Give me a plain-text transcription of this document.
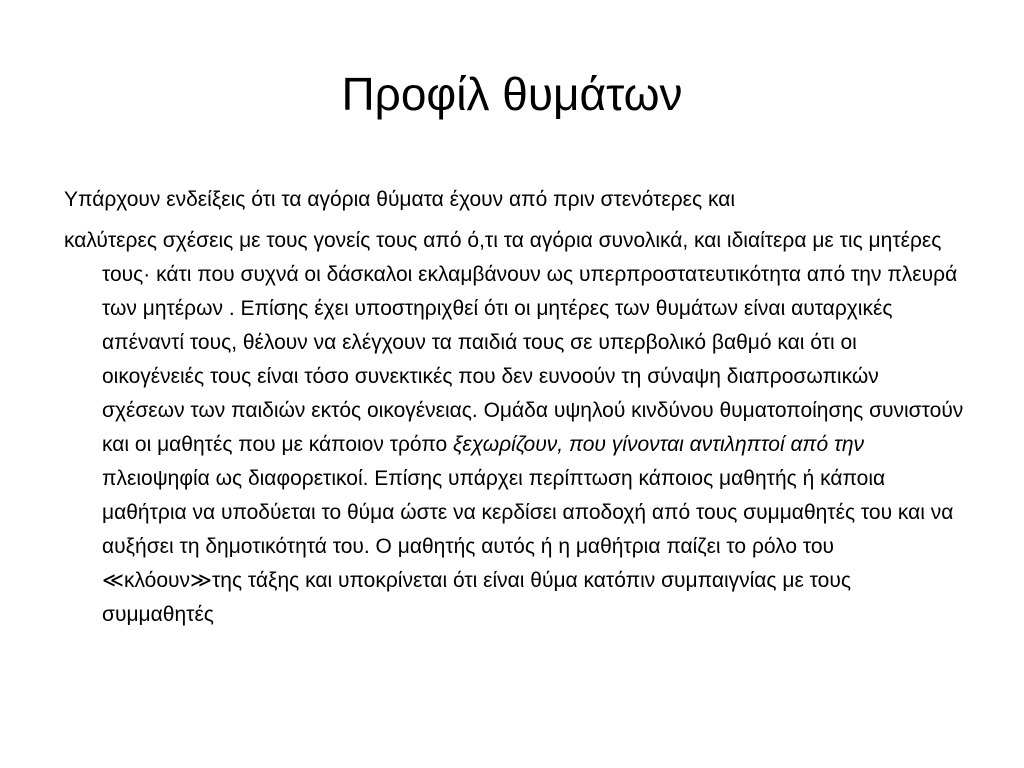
Προφίλ θυμάτων

Υπάρχουν ενδείξεις ότι τα αγόρια θύματα έχουν από πριν στενότερες και

καλύτερες σχέσεις με τους γονείς τους από ό,τι τα αγόρια συνολικά, και ιδιαίτερα με τις μητέρες τους· κάτι που συχνά οι δάσκαλοι εκλαμβάνουν ως υπερπροστατευτικότητα από την πλευρά των μητέρων . Επίσης έχει υποστηριχθεί ότι οι μητέρες των θυμάτων είναι αυταρχικές απέναντί τους, θέλουν να ελέγχουν τα παιδιά τους σε υπερβολικό βαθμό και ότι οι οικογένειές τους είναι τόσο συνεκτικές που δεν ευνοούν τη σύναψη διαπροσωπικών σχέσεων των παιδιών εκτός οικογένειας. Ομάδα υψηλού κινδύνου θυματοποίησης συνιστούν και οι μαθητές που με κάποιον τρόπο ξεχωρίζουν, που γίνονται αντιληπτοί από την πλειοψηφία ως διαφορετικοί. Επίσης υπάρχει περίπτωση κάποιος μαθητής ή κάποια μαθήτρια να υποδύεται το θύμα ώστε να κερδίσει αποδοχή από τους συμμαθητές του και να αυξήσει τη δημοτικότητά του. Ο μαθητής αυτός ή η μαθήτρια παίζει το ρόλο του ≪κλόουν≫της τάξης και υποκρίνεται ότι είναι θύμα κατόπιν συμπαιγνίας με τους συμμαθητές
